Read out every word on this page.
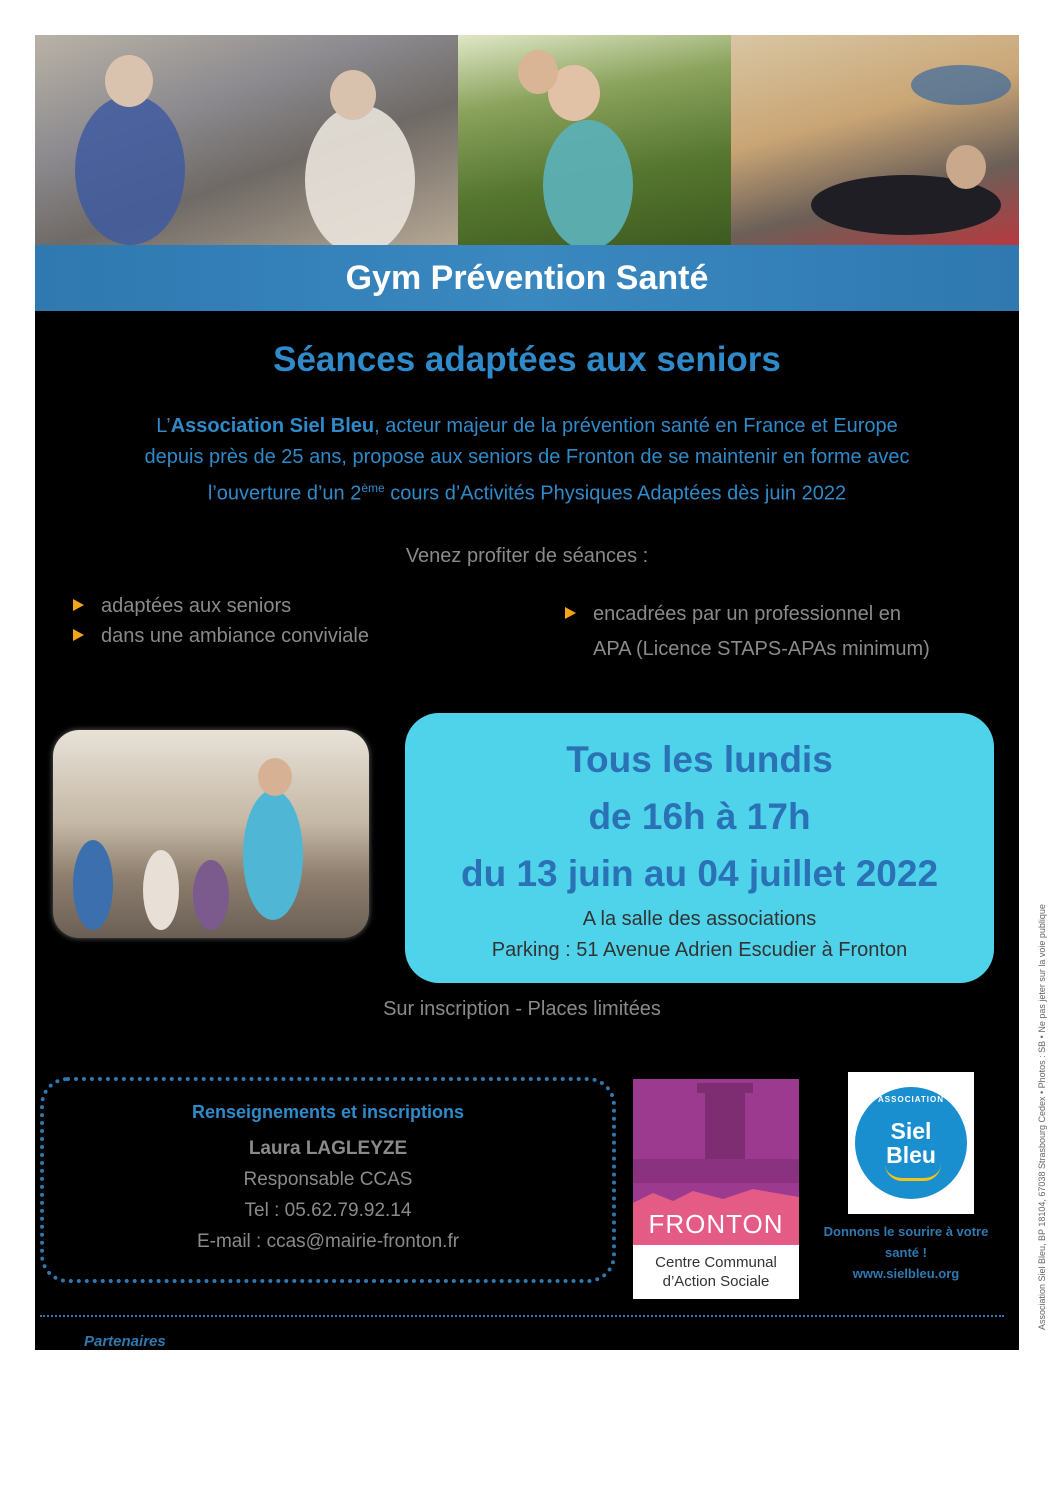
Gym Prévention Santé
Séances adaptées aux seniors
L’Association Siel Bleu, acteur majeur de la prévention santé en France et Europe
depuis près de 25 ans, propose aux seniors de Fronton de se maintenir en forme avec
l’ouverture d’un 2ème cours d’Activités Physiques Adaptées dès juin 2022
Venez profiter de séances :
adaptées aux seniors
dans une ambiance conviviale
encadrées par un professionnel en
APA (Licence STAPS-APAs minimum)
Tous les lundis
de 16h à 17h
du 13 juin au 04 juillet 2022
A la salle des associations
Parking : 51 Avenue Adrien Escudier à Fronton
Sur inscription - Places limitées
Renseignements et inscriptions
Laura LAGLEYZE
Responsable CCAS
Tel : 05.62.79.92.14
E-mail : ccas@mairie-fronton.fr
FRONTON
Centre Communal
d’Action Sociale
ASSOCIATION
Siel
Bleu
Donnons le sourire à votre
santé !
www.sielbleu.org	Association Siel Bleu, BP 18104, 67038 Strasbourg Cedex • Photos : SB • Ne pas jeter sur la voie publique
Partenaires
